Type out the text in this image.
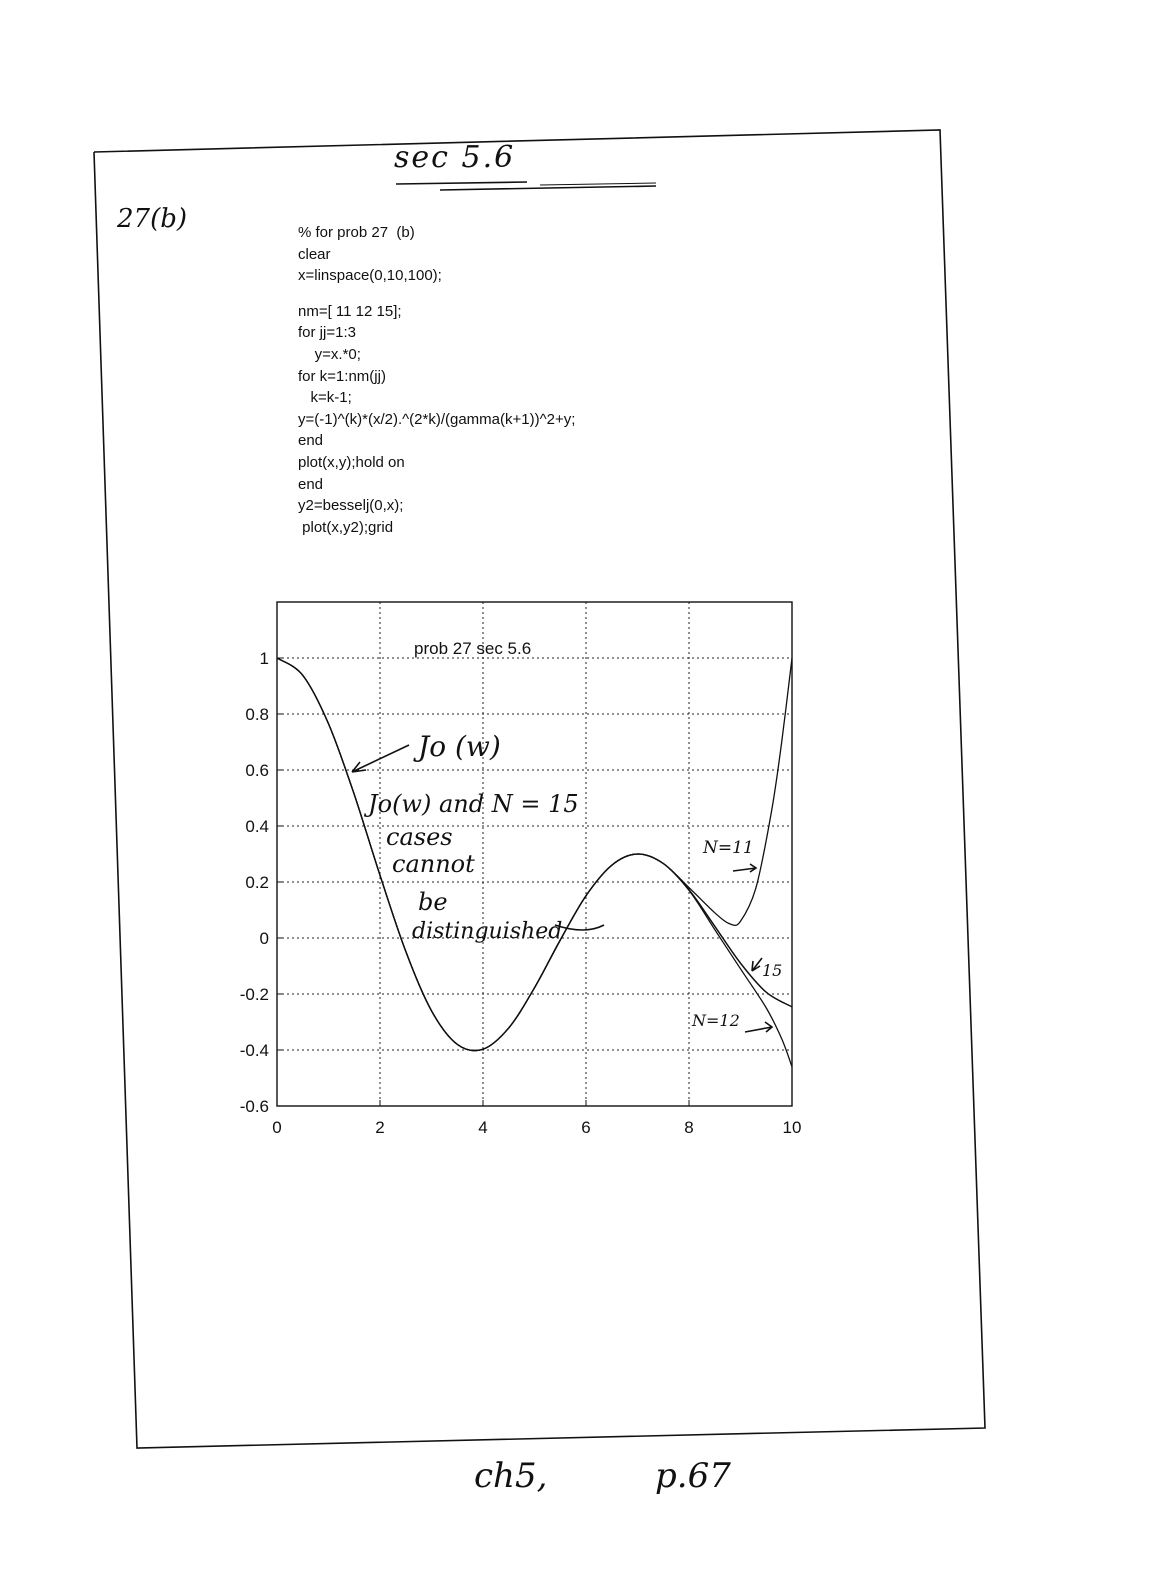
sec 5.6
27(b)	% for prob 27  (b)
clear
x=linspace(0,10,100);
nm=[ 11 12 15];
for jj=1:3
y=x.*0;
for k=1:nm(jj)
k=k-1;
y=(-1)^(k)*(x/2).^(2*k)/(gamma(k+1))^2+y;
end
plot(x,y);hold on
end
y2=besselj(0,x);
plot(x,y2);grid
0	2	4	6	8	10
1
0.8
0.6
0.4
0.2
0
-0.2
-0.4
-0.6
prob 27 sec 5.6
Jo (w)
Jo(w) and N = 15
cases
cannot
be
distinguished
N=11
15
N=12
ch5,	p.67
